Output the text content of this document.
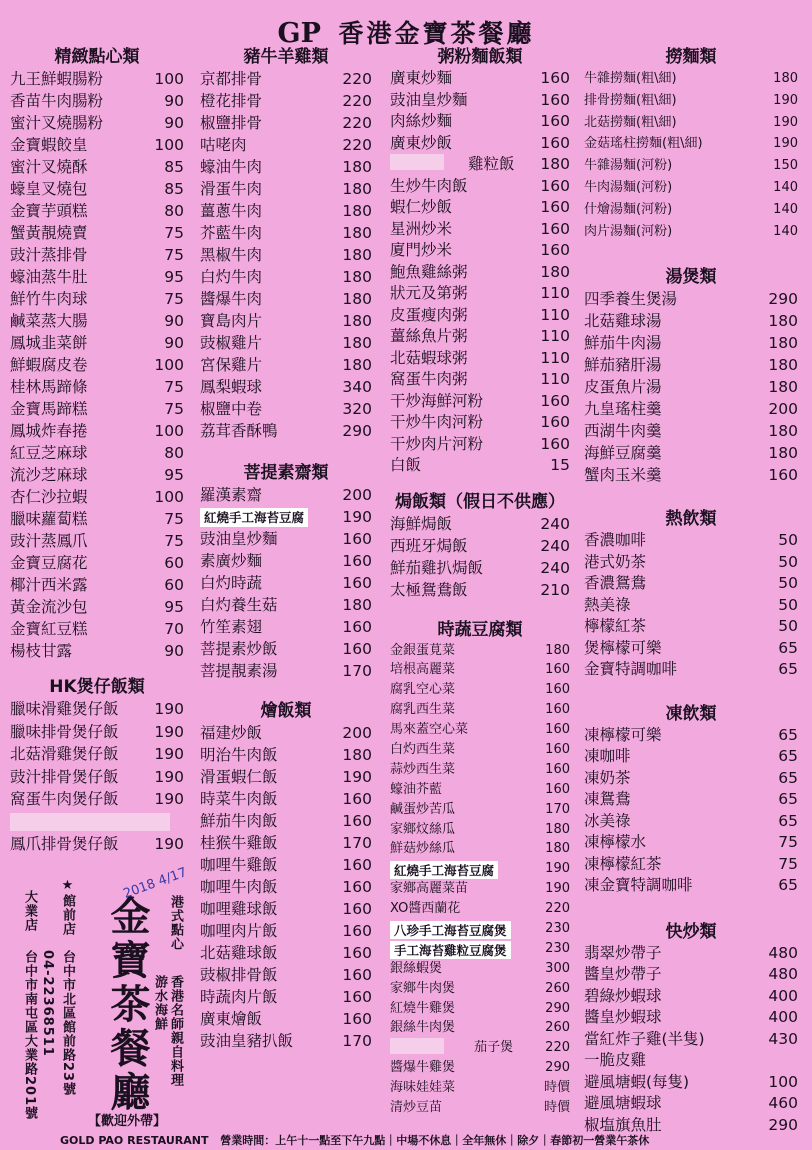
GP 香港金寶茶餐廳
精緻點心類
九王鮮蝦腸粉	100
香苗牛肉腸粉	90
蜜汁叉燒腸粉	90
金寶蝦餃皇	100
蜜汁叉燒酥	85
蠔皇叉燒包	85
金寶芋頭糕	80
蟹黃靚燒賣	75
豉汁蒸排骨	75
蠔油蒸牛肚	95
鮮竹牛肉球	75
鹹菜蒸大腸	90
鳳城韭菜餅	90
鮮蝦腐皮卷	100
桂林馬蹄條	75
金寶馬蹄糕	75
鳳城炸春捲	100
紅豆芝麻球	80
流沙芝麻球	95
杏仁沙拉蝦	100
臘味蘿蔔糕	75
豉汁蒸鳳爪	75
金寶豆腐花	60
椰汁西米露	60
黃金流沙包	95
金寶紅豆糕	70
楊枝甘露	90
HK煲仔飯類
臘味滑雞煲仔飯 190
臘味排骨煲仔飯 190
北菇滑雞煲仔飯 190
豉汁排骨煲仔飯 190
窩蛋牛肉煲仔飯 190
鳳爪排骨煲仔飯 190
豬牛羊雞類
京都排骨	220
橙花排骨	220
椒鹽排骨	220
咕咾肉	220
蠔油牛肉	180
滑蛋牛肉	180
薑蔥牛肉	180
芥藍牛肉	180
黑椒牛肉	180
白灼牛肉	180
醬爆牛肉	180
寶島肉片	180
豉椒雞片	180
宮保雞片	180
鳳梨蝦球	340
椒鹽中卷	320
荔茸香酥鴨	290
菩提素齋類
羅漢素齋	200
紅燒手工海苔豆腐 190
豉油皇炒麵	160
素廣炒麵	160
白灼時蔬	160
白灼養生菇	180
竹笙素翅	160
菩提素炒飯	160
菩提靚素湯	170
燴飯類
福建炒飯	200
明治牛肉飯	180
滑蛋蝦仁飯	190
時菜牛肉飯	160
鮮茄牛肉飯	160
桂猴牛雞飯	170
咖哩牛雞飯	160
咖哩牛肉飯	160
咖哩雞球飯	160
咖哩肉片飯	160
北菇雞球飯	160
豉椒排骨飯	160
時蔬肉片飯	160
廣東燴飯	160
豉油皇豬扒飯	170
粥粉麵飯類
廣東炒麵	160
豉油皇炒麵	160
肉絲炒麵	160
廣東炒飯	160
雞粒飯 180
生炒牛肉飯	160
蝦仁炒飯	160
星洲炒米	160
廈門炒米	160
鮑魚雞絲粥	180
狀元及第粥	110
皮蛋瘦肉粥	110
薑絲魚片粥	110
北菇蝦球粥	110
窩蛋牛肉粥	110
干炒海鮮河粉	160
干炒牛肉河粉	160
干炒肉片河粉	160
白飯	15
焗飯類（假日不供應）
海鮮焗飯	240
西班牙焗飯	240
鮮茄雞扒焗飯	240
太極鴛鴦飯	210
時蔬豆腐類
金銀蛋莧菜	180
培根高麗菜	160
腐乳空心菜	160
腐乳西生菜	160
馬來蓋空心菜	160
白灼西生菜	160
蒜炒西生菜	160
蠔油芥藍	160
鹹蛋炒苦瓜	170
家鄉炆絲瓜	180
鮮菇炒絲瓜	180
紅燒手工海苔豆腐	190
家鄉高麗菜苗	190
XO醬西蘭花	220
八珍手工海苔豆腐煲	230
手工海苔雞粒豆腐煲	230
銀絲蝦煲	300
家鄉牛肉煲	260
紅燒牛雞煲	290
銀絲牛肉煲	260
茄子煲 220
醬爆牛雞煲	290
海味娃娃菜	時價
清炒豆苗	時價
撈麵類
牛雜撈麵(粗\細)	180
排骨撈麵(粗\細)	190
北菇撈麵(粗\細)	190
金菇瑤柱撈麵(粗\細)	190
牛雜湯麵(河粉)	150
牛肉湯麵(河粉)	140
什燴湯麵(河粉)	140
肉片湯麵(河粉)	140
湯煲類
四季養生煲湯	290
北菇雞球湯	180
鮮茄牛肉湯	180
鮮茄豬肝湯	180
皮蛋魚片湯	180
九皇瑤柱羹	200
西湖牛肉羹	180
海鮮豆腐羹	180
蟹肉玉米羹	160
熱飲類
香濃咖啡	50
港式奶茶	50
香濃鴛鴦	50
熱美祿	50
檸檬紅茶	50
煲檸檬可樂	65
金寶特調咖啡	65
凍飲類
凍檸檬可樂	65
凍咖啡	65
凍奶茶	65
凍鴛鴦	65
冰美祿	65
凍檸檬水	75
凍檸檬紅茶	75
凍金寶特調咖啡	65
快炒類
翡翠炒帶子	480
醬皇炒帶子	480
碧綠炒蝦球	400
醬皇炒蝦球	400
當紅炸子雞(半隻)	430
一脆皮雞
避風塘蝦(每隻)	100
避風塘蝦球	460
椒塩旗魚肚	290
大業店 ★館前店
台中市南屯區大業路201號 台中市北區館前路23號
04-22368511	金寶茶餐廳	港式點心
游水海鮮 香港名師親自料理
2018 4/17
【歡迎外帶】
GOLD PAO RESTAURANT 營業時間：上午十一點至下午九點｜中場不休息｜全年無休｜除夕｜春節初一營業午茶休
